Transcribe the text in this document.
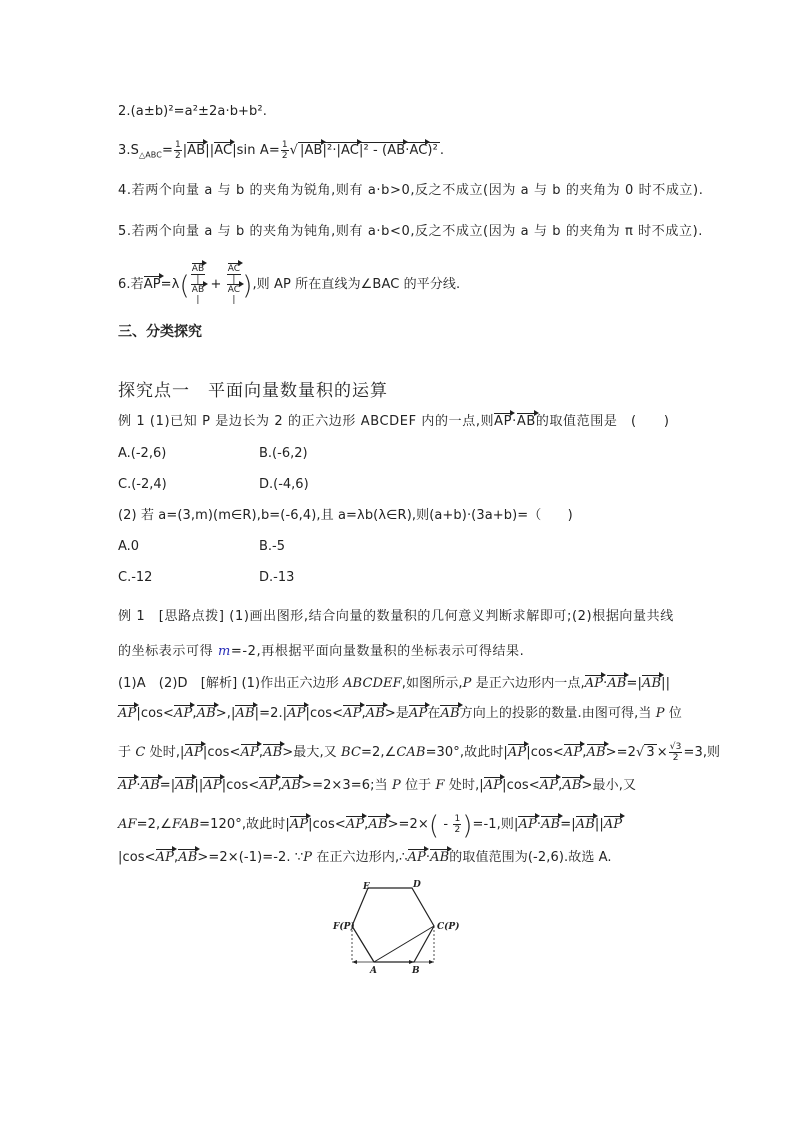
2.(a±b)²=a²±2a·b+b².
$3.S_{\triangle ABC}= \frac{1}{2} |AB||AC|\sin$ $A= \frac{1}{2}$ √ |AB|²·|AC|² - (AB·AC)² .
4.若两个向量 a 与 b 的夹角为锐角,则有 a·b>0,反之不成立(因为 a 与 b 的夹角为 0 时不成立).
5.若两个向量 a 与 b 的夹角为钝角,则有 a·b<0,反之不成立(因为 a 与 b 的夹角为 π 时不成立).
6.若AP=λ( AB
|
AB
| + AC
|
AC
| ),则 AP 所在直线为∠BAC 的平分线.
三、分类探究
探究点一　平面向量数量积的运算
例 1 (1)已知 P 是边长为 2 的正六边形 ABCDEF 内的一点,则AP·AB的取值范围是　(　　)
A.(-2,6)	B.(-6,2)
C.(-2,4)	D.(-4,6)
(2) 若 a=(3,m)(m∈R),b=(-6,4),且 a=λb(λ∈R),则(a+b)·(3a+b)=（　　)
A.0	B.-5
C.-12	D.-13
例 1　[思路点拨] (1)画出图形,结合向量的数量积的几何意义判断求解即可;(2)根据向量共线
的坐标表示可得 m=-2,再根据平面向量数量积的坐标表示可得结果.
(1)A　(2)D　[解析] (1)作出正六边形 ABCDEF,如图所示,P 是正六边形内一点,AP·AB=|AB||
AP|cos<AP,AB>,|AB|=2.|AP|cos<AP,AB>是AP在AB方向上的投影的数量.由图可得,当 P 位
于 C 处时,|AP|cos<AP,AB>最大,又 BC=2,∠CAB=30°,故此时|AP|cos<AP,AB>=2√ $3 \times \frac{√3}{2} =3$,则
AP·AB=|AB||AP|cos<AP,AB>=2×3=6;当 P 位于 F 处时,|AP|cos<AP,AB>最小,又
AF=2,∠FAB=120°,故此时$|AP|\cos<AP,AB>=2\times( - \frac{1}{2} )=-1$,则|AP·AB=|AB||AP
|cos<AP,AB>=2×(-1)=-2. ∵P 在正六边形内,∴AP·AB的取值范围为(-2,6).故选 A.
E	D
F(P)	C(P)
A	B
